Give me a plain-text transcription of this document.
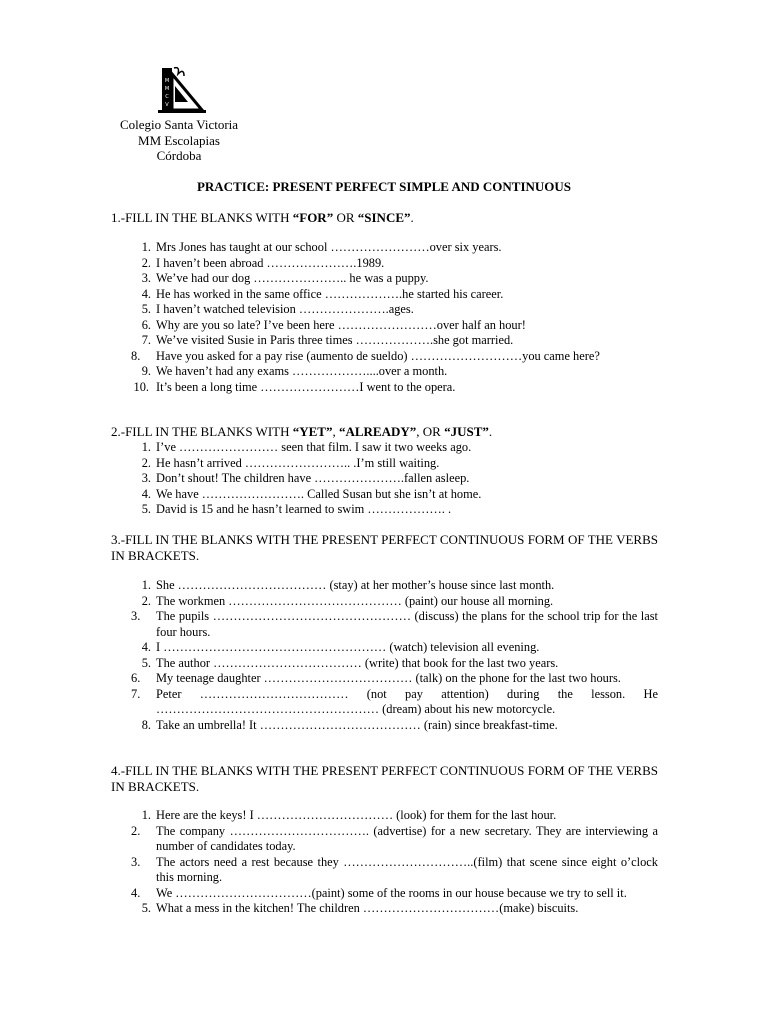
M
M
C
V
Colegio Santa Victoria
MM Escolapias
Córdoba
PRACTICE: PRESENT PERFECT SIMPLE AND CONTINUOUS
1.-FILL IN THE BLANKS WITH “FOR” OR “SINCE”.
1. Mrs Jones has taught at our school ……………………over six years.
2. I haven’t been abroad ………………….1989.
3. We’ve had our dog ………………….. he was a puppy.
4. He has worked in the same office ……………….he started his career.
5. I haven’t watched television ………………….ages.
6. Why are you so late? I’ve been here ……………………over half an hour!
7. We’ve visited Susie in Paris three times ……………….she got married.
8.	Have you asked for a pay rise (aumento de sueldo) ………………………you came here?
9. We haven’t had any exams ………………....over a month.
10. It’s been a long time ……………………I went to the opera.
2.-FILL IN THE BLANKS WITH “YET”, “ALREADY”, OR “JUST”.
1. I’ve …………………… seen that film. I saw it two weeks ago.
2. He hasn’t arrived …………………….. .I’m still waiting.
3. Don’t shout! The children have ………………….fallen asleep.
4. We have ……………………. Called Susan but she isn’t at home.
5. David is 15 and he hasn’t learned to swim ………………. .
3.-FILL IN THE BLANKS WITH THE PRESENT PERFECT CONTINUOUS FORM OF THE VERBS IN BRACKETS.
1. She ……………………………… (stay) at her mother’s house since last month.
2. The workmen …………………………………… (paint) our house all morning.
3.	The pupils ………………………………………… (discuss) the plans for the school trip for the last four hours.
4. I ……………………………………………… (watch) television all evening.
5. The author ……………………………… (write) that book for the last two years.
6.	My teenage daughter ……………………………… (talk) on the phone for the last two hours.
7.	Peter ……………………………… (not pay attention) during the lesson. He ……………………………………………… (dream) about his new motorcycle.
8. Take an umbrella! It ………………………………… (rain) since breakfast-time.
4.-FILL IN THE BLANKS WITH THE PRESENT PERFECT CONTINUOUS FORM OF THE VERBS IN BRACKETS.
1. Here are the keys! I …………………………… (look) for them for the last hour.
2.	The company ……………………………. (advertise) for a new secretary. They are interviewing a number of candidates today.
3.	The actors need a rest because they …………………………..(film) that scene since eight o’clock this morning.
4.	We ……………………………(paint) some of the rooms in our house because we try to sell it.
5. What a mess in the kitchen! The children ……………………………(make) biscuits.
